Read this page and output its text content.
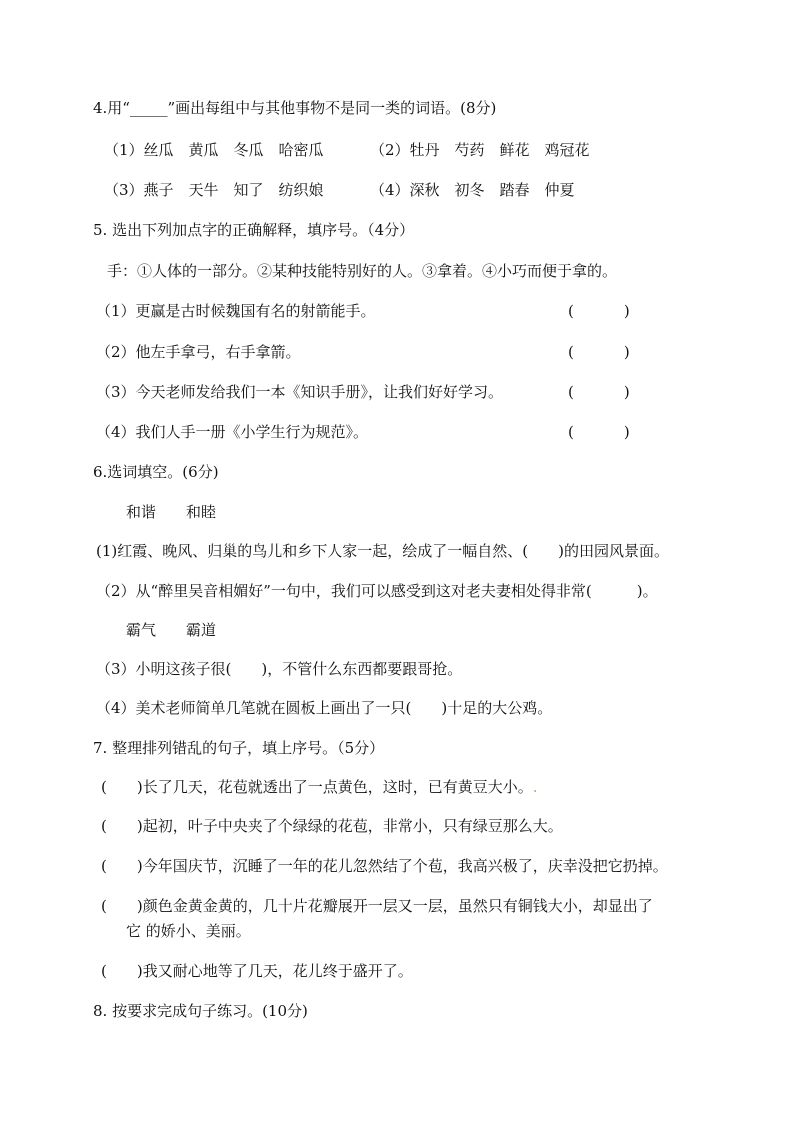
4.用“_____”画出每组中与其他事物不是同一类的词语。(8分)
（1）丝瓜　黄瓜　冬瓜　哈密瓜	（2）牡丹　芍药　鲜花　鸡冠花
（3）燕子　天牛　知了　纺织娘	（4）深秋　初冬　踏春　仲夏
5. 选出下列加点字的正确解释，填序号。（4分）
手：①人体的一部分。②某种技能特别好的人。③拿着。④小巧而便于拿的。
（1）更赢是古时候魏国有名的射箭能手。	(	)
（2）他左手拿弓，右手拿箭。	(	)
（3）今天老师发给我们一本《知识手册》，让我们好好学习。	(	)
（4）我们人手一册《小学生行为规范》。	(	)
6.选词填空。(6分)
和谐　　和睦
(1)红霞、晚风、归巢的鸟儿和乡下人家一起，绘成了一幅自然、(　　)的田园风景面。
（2）从“醉里吴音相媚好”一句中，我们可以感受到这对老夫妻相处得非常(　　　)。
霸气　　霸道
（3）小明这孩子很(　　)，不管什么东西都要跟哥抢。
（4）美术老师简单几笔就在圆板上画出了一只(　　)十足的大公鸡。
7. 整理排列错乱的句子，填上序号。（5分）
(　　)长了几天，花苞就透出了一点黄色，这时，已有黄豆大小。.
(　　)起初，叶子中央夹了个绿绿的花苞，非常小，只有绿豆那么大。
(　　)今年国庆节，沉睡了一年的花儿忽然结了个苞，我高兴极了，庆幸没把它扔掉。
(　　)颜色金黄金黄的，几十片花瓣展开一层又一层，虽然只有铜钱大小，却显出了
它 的娇小、美丽。
(　　)我又耐心地等了几天，花儿终于盛开了。
8. 按要求完成句子练习。(10分)
